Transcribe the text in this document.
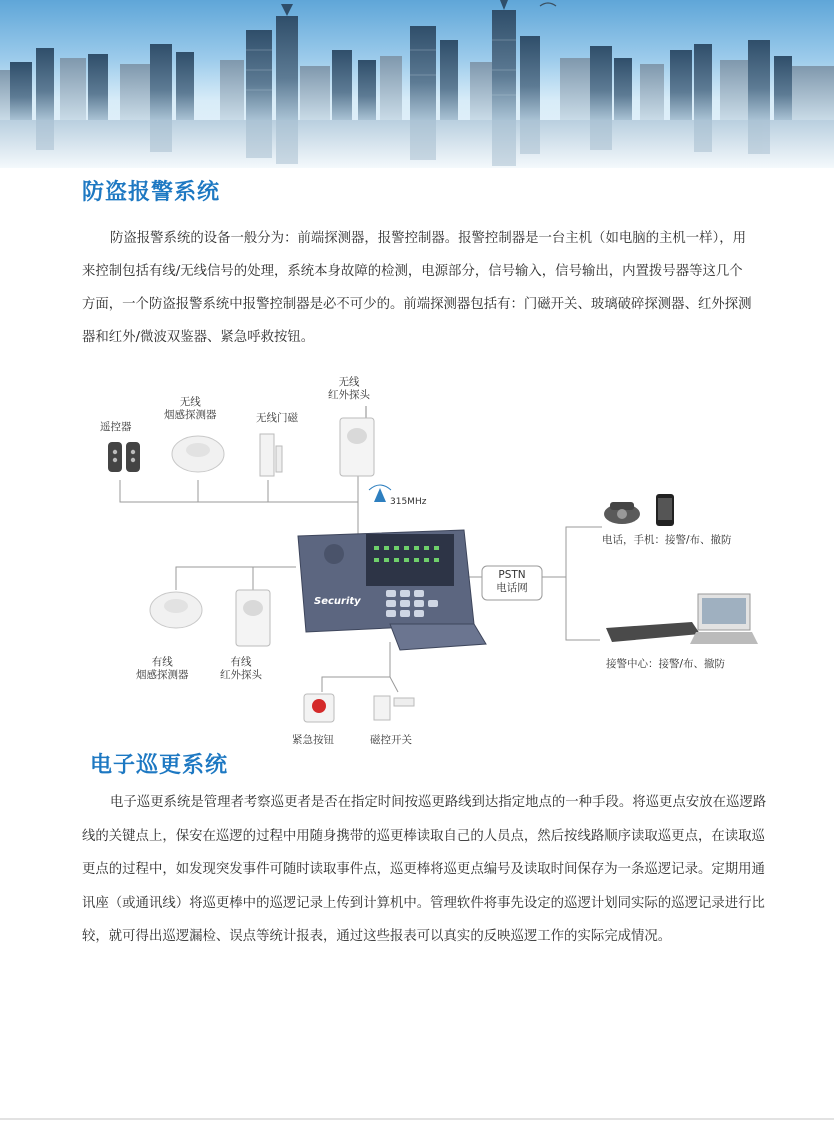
防盗报警系统

防盗报警系统的设备一般分为：前端探测器，报警控制器。报警控制器是一台主机（如电脑的主机一样），用来控制包括有线/无线信号的处理，系统本身故障的检测，电源部分，信号输入，信号输出，内置拨号器等这几个方面，一个防盗报警系统中报警控制器是必不可少的。前端探测器包括有：门磁开关、玻璃破碎探测器、红外探测器和红外/微波双鉴器、紧急呼救按钮。

Security
遥控器
无线
烟感探测器	无线门磁
无线
红外探头
315MHz
PSTN
电话网
电话，手机：接警/布、撤防
接警中心：接警/布、撤防
有线
烟感探测器
有线
红外探头
紧急按钮	磁控开关
电子巡更系统

电子巡更系统是管理者考察巡更者是否在指定时间按巡更路线到达指定地点的一种手段。将巡更点安放在巡逻路线的关键点上，保安在巡逻的过程中用随身携带的巡更棒读取自己的人员点，然后按线路顺序读取巡更点，在读取巡更点的过程中，如发现突发事件可随时读取事件点，巡更棒将巡更点编号及读取时间保存为一条巡逻记录。定期用通讯座（或通讯线）将巡更棒中的巡逻记录上传到计算机中。管理软件将事先设定的巡逻计划同实际的巡逻记录进行比较，就可得出巡逻漏检、误点等统计报表，通过这些报表可以真实的反映巡逻工作的实际完成情况。
